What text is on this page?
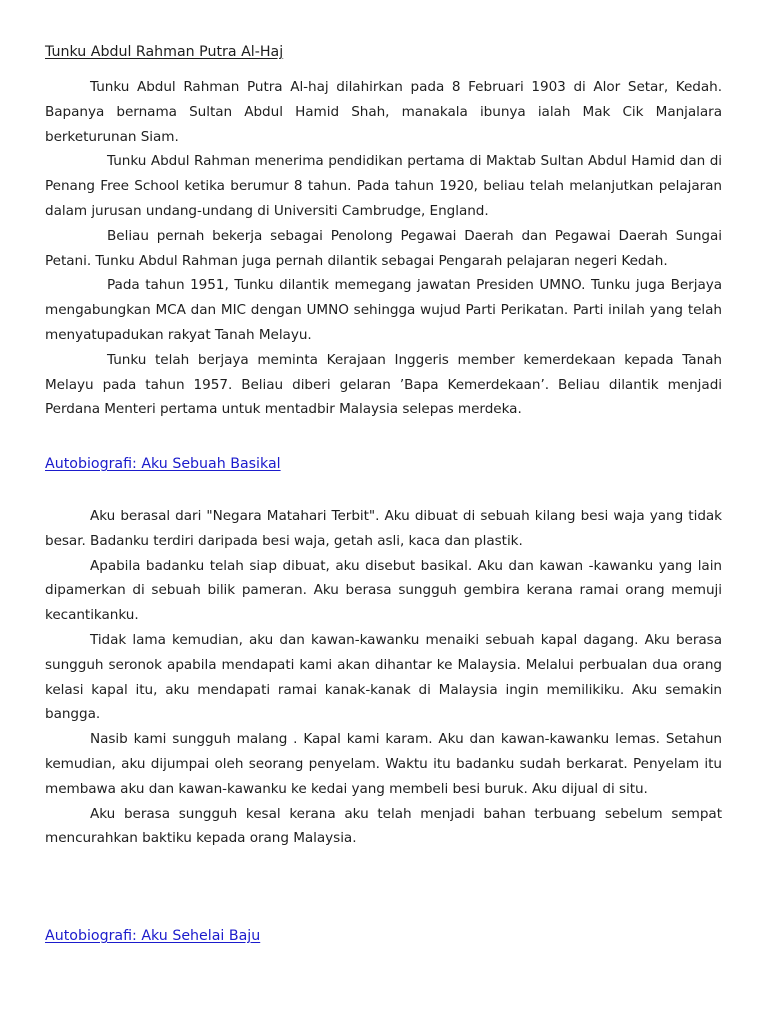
Tunku Abdul Rahman Putra Al-Haj

Tunku Abdul Rahman Putra Al-haj dilahirkan pada 8 Februari 1903 di Alor Setar, Kedah. Bapanya bernama Sultan Abdul Hamid Shah, manakala ibunya ialah Mak Cik Manjalara berketurunan Siam.

Tunku Abdul Rahman menerima pendidikan pertama di Maktab Sultan Abdul Hamid dan di Penang Free School ketika berumur 8 tahun. Pada tahun 1920, beliau telah melanjutkan pelajaran dalam jurusan undang-undang di Universiti Cambrudge, England.

Beliau pernah bekerja sebagai Penolong Pegawai Daerah dan Pegawai Daerah Sungai Petani. Tunku Abdul Rahman juga pernah dilantik sebagai Pengarah pelajaran negeri Kedah.

Pada tahun 1951, Tunku dilantik memegang jawatan Presiden UMNO. Tunku juga Berjaya mengabungkan MCA dan MIC dengan UMNO sehingga wujud Parti Perikatan. Parti inilah yang telah menyatupadukan rakyat Tanah Melayu.

Tunku telah berjaya meminta Kerajaan Inggeris member kemerdekaan kepada Tanah Melayu pada tahun 1957. Beliau diberi gelaran ’Bapa Kemerdekaan’. Beliau dilantik menjadi Perdana Menteri pertama untuk mentadbir Malaysia selepas merdeka.

Autobiografi: Aku Sebuah Basikal

Aku berasal dari "Negara Matahari Terbit". Aku dibuat di sebuah kilang besi waja yang tidak besar. Badanku terdiri daripada besi waja, getah asli, kaca dan plastik.

Apabila badanku telah siap dibuat, aku disebut basikal. Aku dan kawan -kawanku yang lain dipamerkan di sebuah bilik pameran. Aku berasa sungguh gembira kerana ramai orang memuji kecantikanku.

Tidak lama kemudian, aku dan kawan-kawanku menaiki sebuah kapal dagang. Aku berasa sungguh seronok apabila mendapati kami akan dihantar ke Malaysia. Melalui perbualan dua orang kelasi kapal itu, aku mendapati ramai kanak-kanak di Malaysia ingin memilikiku. Aku semakin bangga.

Nasib kami sungguh malang . Kapal kami karam. Aku dan kawan-kawanku lemas. Setahun kemudian, aku dijumpai oleh seorang penyelam. Waktu itu badanku sudah berkarat. Penyelam itu membawa aku dan kawan-kawanku ke kedai yang membeli besi buruk. Aku dijual di situ.

Aku berasa sungguh kesal kerana aku telah menjadi bahan terbuang sebelum sempat mencurahkan baktiku kepada orang Malaysia.

Autobiografi: Aku Sehelai Baju
